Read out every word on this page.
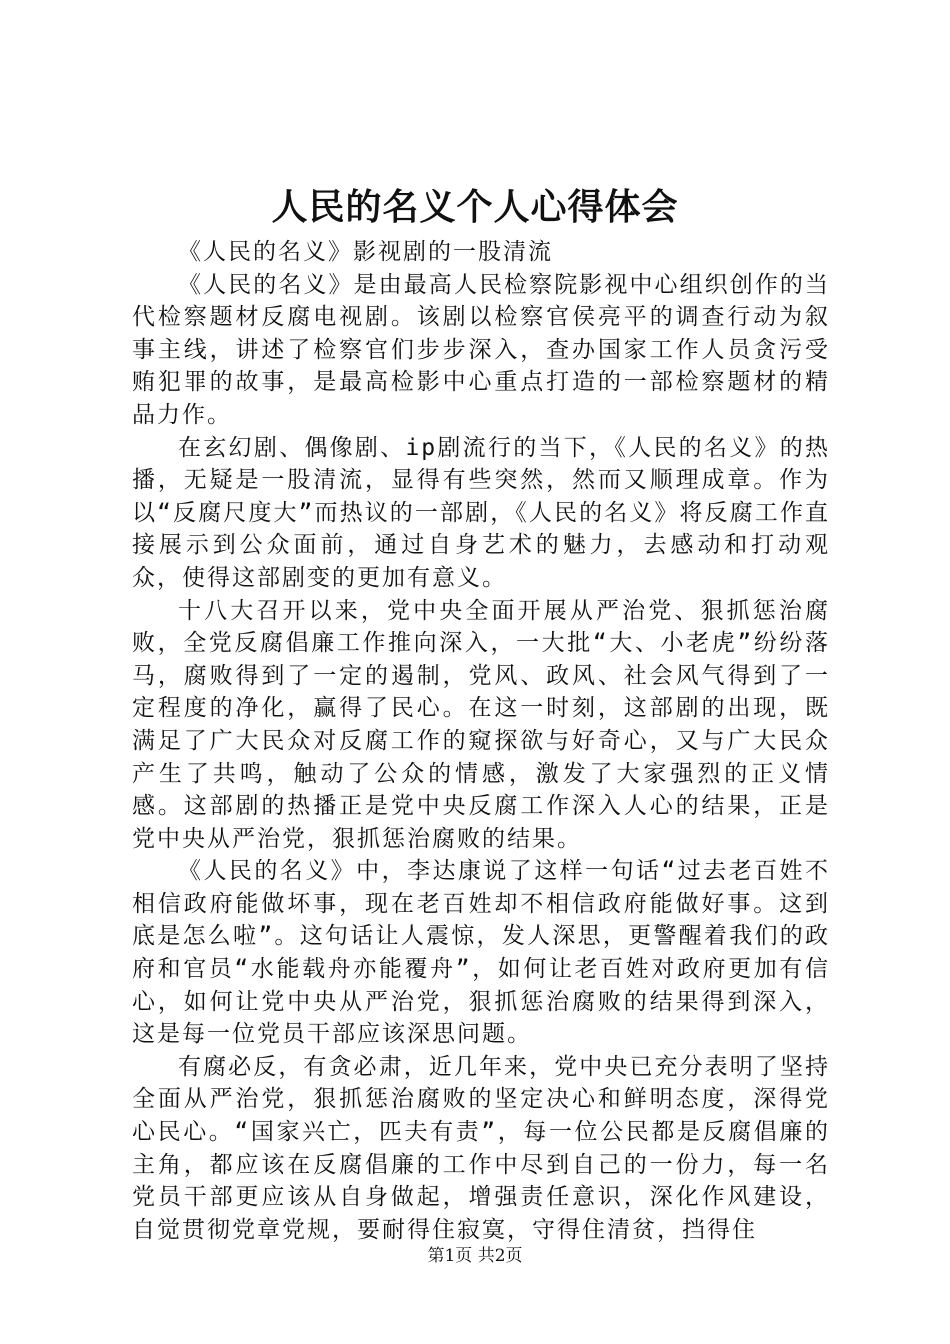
人民的名义个人心得体会

《人民的名义》影视剧的一股清流

《人民的名义》是由最高人民检察院影视中心组织创作的当代检察题材反腐电视剧。该剧以检察官侯亮平的调查行动为叙事主线，讲述了检察官们步步深入，查办国家工作人员贪污受贿犯罪的故事，是最高检影中心重点打造的一部检察题材的精品力作。

在玄幻剧、偶像剧、ip剧流行的当下，《人民的名义》的热播，无疑是一股清流，显得有些突然，然而又顺理成章。作为以“反腐尺度大”而热议的一部剧，《人民的名义》将反腐工作直接展示到公众面前，通过自身艺术的魅力，去感动和打动观众，使得这部剧变的更加有意义。

十八大召开以来，党中央全面开展从严治党、狠抓惩治腐败，全党反腐倡廉工作推向深入，一大批“大、小老虎”纷纷落马，腐败得到了一定的遏制，党风、政风、社会风气得到了一定程度的净化，赢得了民心。在这一时刻，这部剧的出现，既满足了广大民众对反腐工作的窥探欲与好奇心，又与广大民众产生了共鸣，触动了公众的情感，激发了大家强烈的正义情感。这部剧的热播正是党中央反腐工作深入人心的结果，正是党中央从严治党，狠抓惩治腐败的结果。

《人民的名义》中，李达康说了这样一句话“过去老百姓不相信政府能做坏事，现在老百姓却不相信政府能做好事。这到底是怎么啦”。这句话让人震惊，发人深思，更警醒着我们的政府和官员“水能载舟亦能覆舟”，如何让老百姓对政府更加有信心，如何让党中央从严治党，狠抓惩治腐败的结果得到深入，这是每一位党员干部应该深思问题。

有腐必反，有贪必肃，近几年来，党中央已充分表明了坚持全面从严治党，狠抓惩治腐败的坚定决心和鲜明态度，深得党心民心。“国家兴亡，匹夫有责”，每一位公民都是反腐倡廉的主角，都应该在反腐倡廉的工作中尽到自己的一份力，每一名党员干部更应该从自身做起，增强责任意识，深化作风建设，自觉贯彻党章党规，要耐得住寂寞，守得住清贫，挡得住

第1页 共2页
